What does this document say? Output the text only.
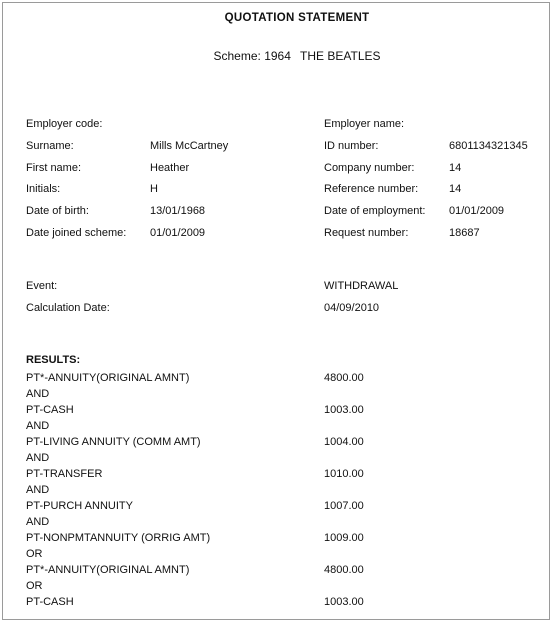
QUOTATION STATEMENT
Scheme: 1964 THE BEATLES
Employer code:
Surname:	Mills McCartney
First name:	Heather
Initials:	H
Date of birth:	13/01/1968
Date joined scheme: 01/01/2009
Employer name:
ID number:	6801134321345
Company number:	14
Reference number:	14
Date of employment: 01/01/2009
Request number:	18687
Event:	WITHDRAWAL
Calculation Date:	04/09/2010
RESULTS:
PT*-ANNUITY(ORIGINAL AMNT)	4800.00
AND
PT-CASH	1003.00
AND
PT-LIVING ANNUITY (COMM AMT)	1004.00
AND
PT-TRANSFER	1010.00
AND
PT-PURCH ANNUITY	1007.00
AND
PT-NONPMTANNUITY (ORRIG AMT)	1009.00
OR
PT*-ANNUITY(ORIGINAL AMNT)	4800.00
OR
PT-CASH	1003.00
